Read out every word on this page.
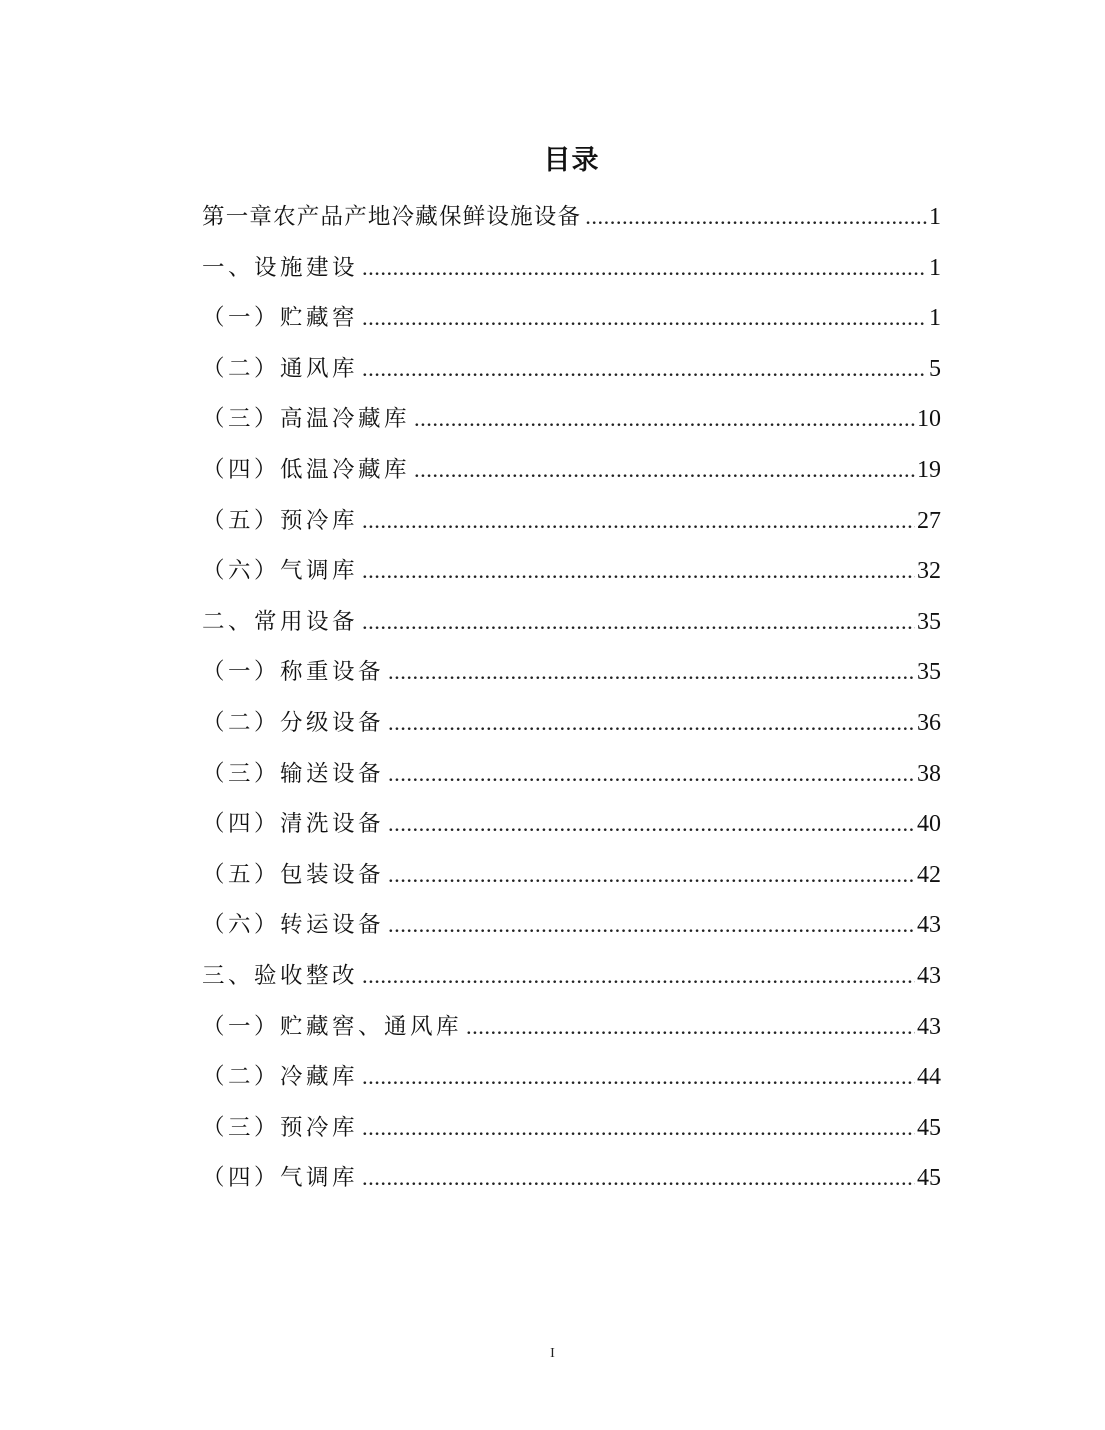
目录
第一章农产品产地冷藏保鲜设施设备 .....	1
一、设施建设 .....	1
（一）贮藏窖 .....	1
（二）通风库 .....	5
（三）高温冷藏库 .....	10
（四）低温冷藏库 .....	19
（五）预冷库 .....	27
（六）气调库 .....	32
二、常用设备 .....	35
（一）称重设备 .....	35
（二）分级设备 .....	36
（三）输送设备 .....	38
（四）清洗设备 .....	40
（五）包装设备 .....	42
（六）转运设备 .....	43
三、验收整改 .....	43
（一）贮藏窖、通风库 .....	43
（二）冷藏库 .....	44
（三）预冷库 .....	45
（四）气调库 .....	45
I
